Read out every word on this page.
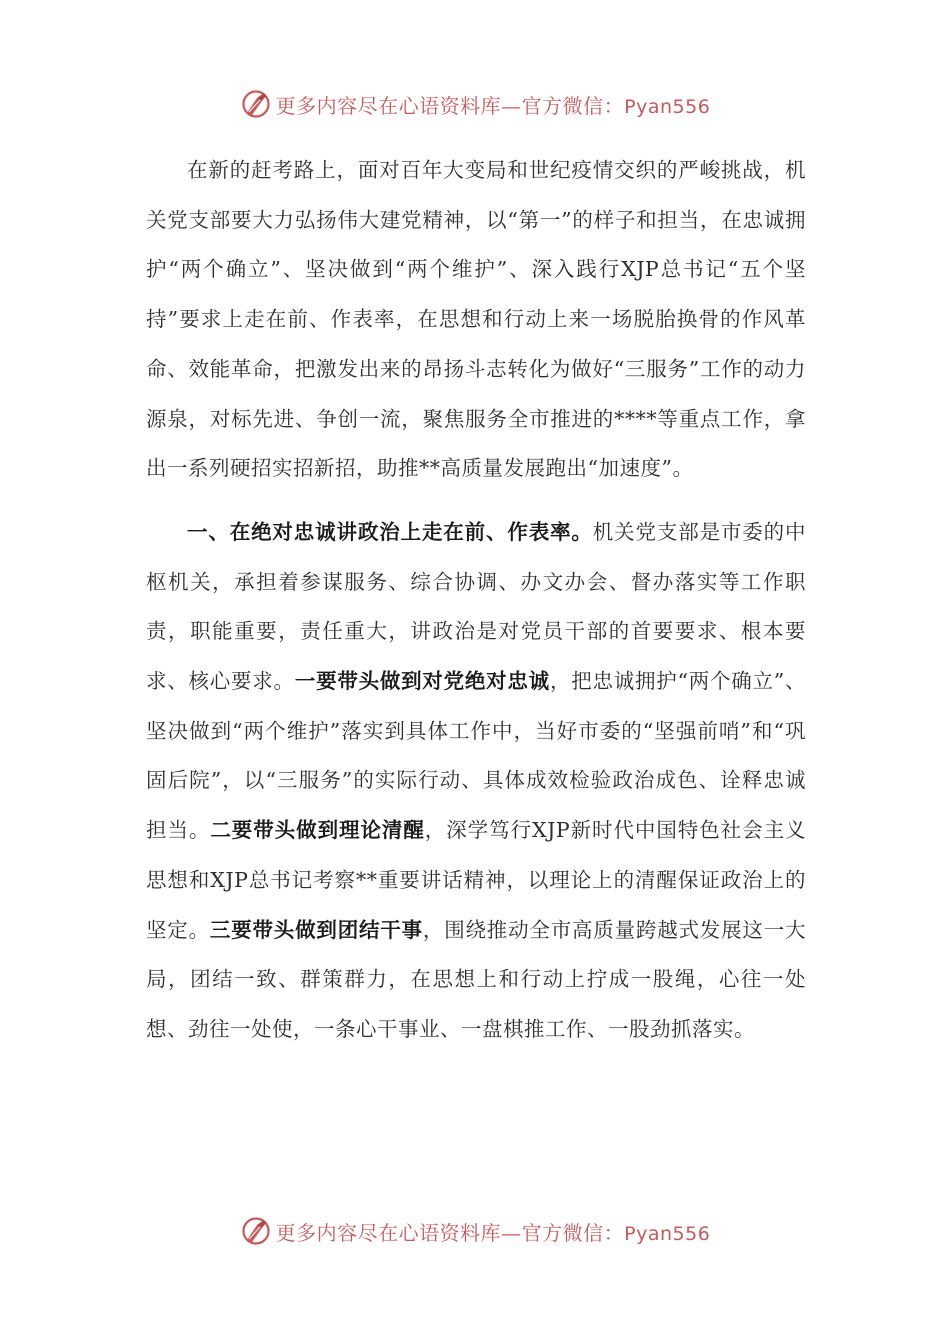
更多内容尽在心语资料库—官方微信：Pyan556

在新的赶考路上，面对百年大变局和世纪疫情交织的严峻挑战，机关党支部要大力弘扬伟大建党精神，以“第一”的样子和担当，在忠诚拥护“两个确立”、坚决做到“两个维护”、深入践行XJP总书记“五个坚持”要求上走在前、作表率，在思想和行动上来一场脱胎换骨的作风革命、效能革命，把激发出来的昂扬斗志转化为做好“三服务”工作的动力源泉，对标先进、争创一流，聚焦服务全市推进的****等重点工作，拿出一系列硬招实招新招，助推**高质量发展跑出“加速度”。

一、在绝对忠诚讲政治上走在前、作表率。机关党支部是市委的中枢机关，承担着参谋服务、综合协调、办文办会、督办落实等工作职责，职能重要，责任重大，讲政治是对党员干部的首要要求、根本要求、核心要求。一要带头做到对党绝对忠诚，把忠诚拥护“两个确立”、坚决做到“两个维护”落实到具体工作中，当好市委的“坚强前哨”和“巩固后院”，以“三服务”的实际行动、具体成效检验政治成色、诠释忠诚担当。二要带头做到理论清醒，深学笃行XJP新时代中国特色社会主义思想和XJP总书记考察**重要讲话精神，以理论上的清醒保证政治上的坚定。三要带头做到团结干事，围绕推动全市高质量跨越式发展这一大局，团结一致、群策群力，在思想上和行动上拧成一股绳，心往一处想、劲往一处使，一条心干事业、一盘棋推工作、一股劲抓落实。

更多内容尽在心语资料库—官方微信：Pyan556
